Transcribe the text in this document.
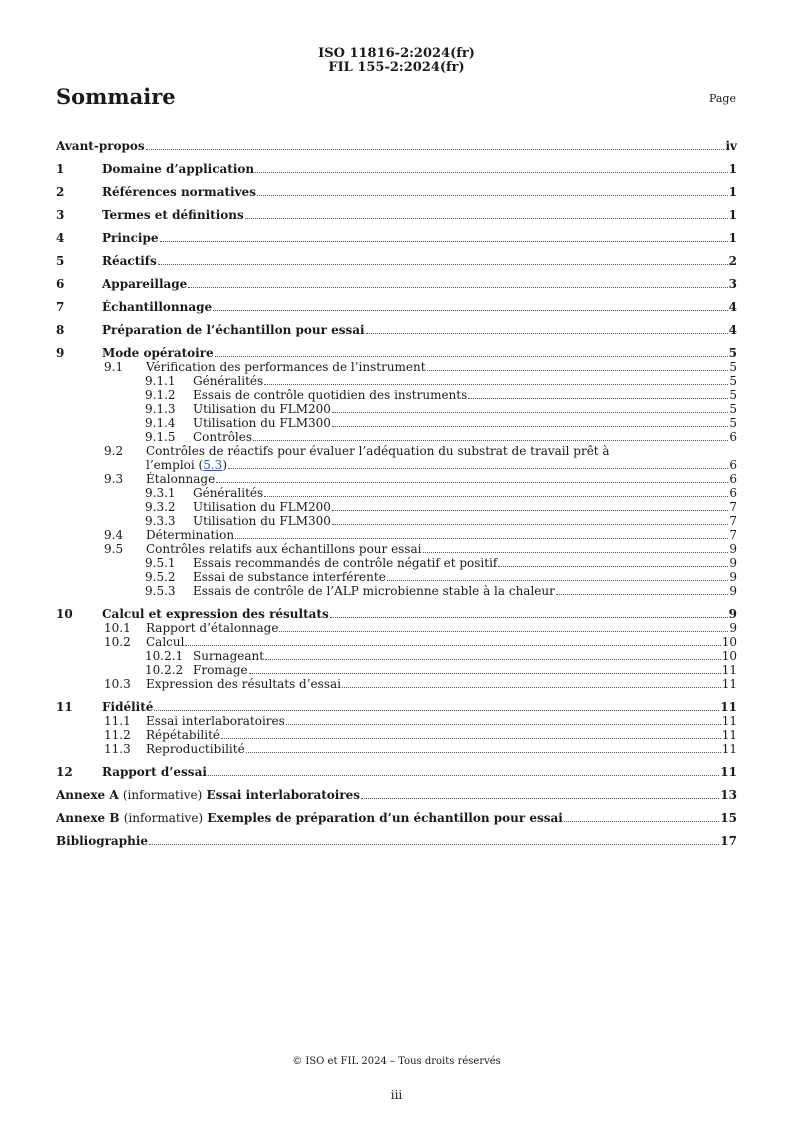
ISO 11816-2:2024(fr)
FIL 155-2:2024(fr)
Sommaire	Page
Avant-propos	iv
1	Domaine d’application	1
2	Références normatives	1
3	Termes et définitions	1
4	Principe	1
5	Réactifs	2
6	Appareillage	3
7	Échantillonnage	4
8	Préparation de l’échantillon pour essai	4
9	Mode opératoire	5
9.1	Vérification des performances de l’instrument	5
9.1.1	Généralités	5
9.1.2	Essais de contrôle quotidien des instruments	5
9.1.3	Utilisation du FLM200	5
9.1.4	Utilisation du FLM300	5
9.1.5	Contrôles	6
9.2	Contrôles de réactifs pour évaluer l’adéquation du substrat de travail prêt à
l’emploi (5.3)	6
9.3	Étalonnage	6
9.3.1	Généralités	6
9.3.2	Utilisation du FLM200	7
9.3.3	Utilisation du FLM300	7
9.4	Détermination	7
9.5	Contrôles relatifs aux échantillons pour essai	9
9.5.1	Essais recommandés de contrôle négatif et positif	9
9.5.2	Essai de substance interférente	9
9.5.3	Essais de contrôle de l’ALP microbienne stable à la chaleur	9
10	Calcul et expression des résultats	9
10.1	Rapport d’étalonnage	9
10.2	Calcul	10
10.2.1 Surnageant	10
10.2.2 Fromage	11
10.3	Expression des résultats d’essai	11
11	Fidélité	11
11.1	Essai interlaboratoires	11
11.2	Répétabilité	11
11.3	Reproductibilité	11
12	Rapport d’essai	11
Annexe A (informative) Essai interlaboratoires	13
Annexe B (informative) Exemples de préparation d’un échantillon pour essai	15
Bibliographie	17
© ISO et FIL 2024 – Tous droits réservés
iii
